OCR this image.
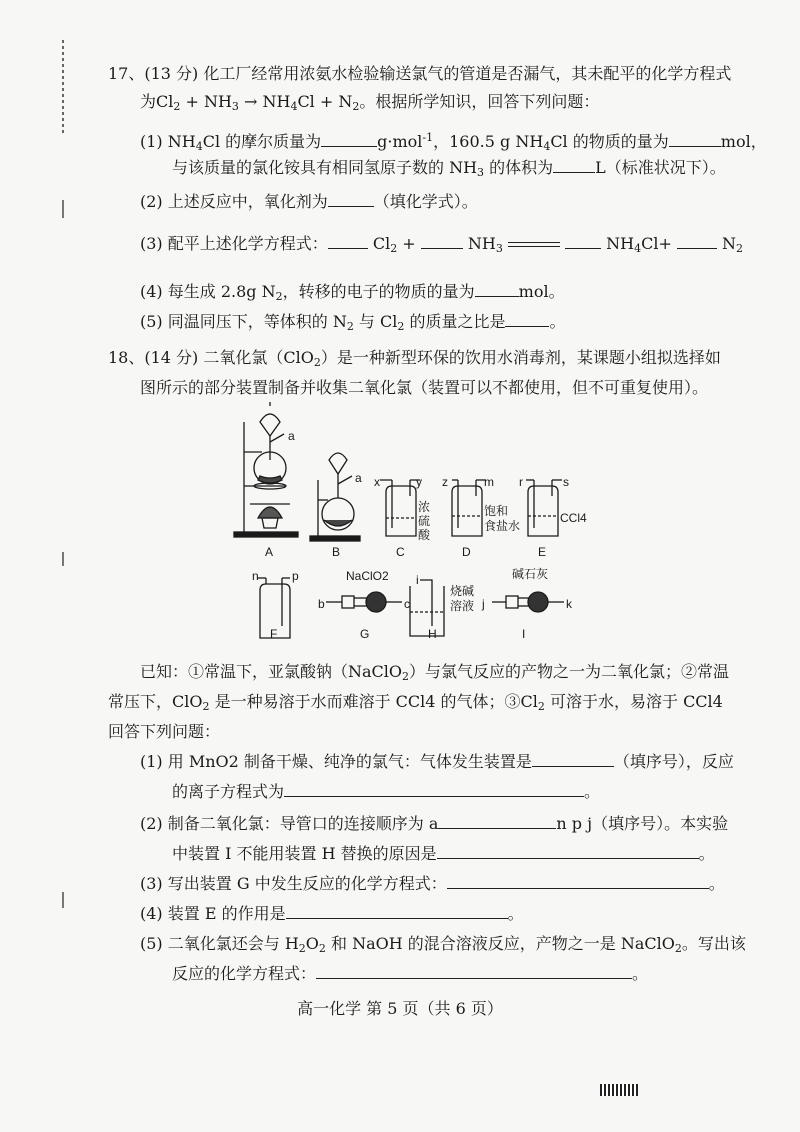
17、(13 分) 化工厂经常用浓氨水检验输送氯气的管道是否漏气，其未配平的化学方程式
为$Cl_2 + NH_3 \to NH_4Cl + N_2$。根据所学知识，回答下列问题：
(1) $NH_4Cl$ 的摩尔质量为	g·mol$^{-1}$，160.5 g $NH_4Cl$ 的物质的量为	mol，
与该质量的氯化铵具有相同氢原子数的 $NH_3$ 的体积为	L（标准状况下）。
(2) 上述反应中，氧化剂为	（填化学式）。
(3) 配平上述化学方程式：	$Cl_2$ +	$NH_3$	$NH_4Cl+$	$N_2$
(4) 每生成 2.8g $N_2$，转移的电子的物质的量为	mol。
(5) 同温同压下，等体积的 $N_2$ 与 $Cl_2$ 的质量之比是	。
18、(14 分) 二氧化氯（ClO$_2$）是一种新型环保的饮用水消毒剂，某课题小组拟选择如
图所示的部分装置制备并收集二氧化氯（装置可以不都使用，但不可重复使用）。
A	B	C	D	E
F	G	H	I
a
a x	y z	m r	s
n	p
b	c
i
j	k
浓
硫
酸
饱和
食盐水
CCl4
NaClO2
烧碱
溶液
碱石灰
已知：①常温下，亚氯酸钠（NaClO$_2$）与氯气反应的产物之一为二氧化氯；②常温
常压下，ClO$_2$ 是一种易溶于水而难溶于 CCl4 的气体；$③Cl_2$ 可溶于水，易溶于 CCl4
回答下列问题：
(1) 用 MnO2 制备干燥、纯净的氯气：气体发生装置是	（填序号），反应
的离子方程式为	。
(2) 制备二氧化氯：导管口的连接顺序为 a	n p j（填序号）。本实验
中装置 I 不能用装置 H 替换的原因是	。
(3) 写出装置 G 中发生反应的化学方程式：	。
(4) 装置 E 的作用是	。
(5) 二氧化氯还会与 $H_2O_2$ 和 NaOH 的混合溶液反应，产物之一是 NaClO$_2$。写出该
反应的化学方程式：	。
高一化学 第 5 页（共 6 页）
